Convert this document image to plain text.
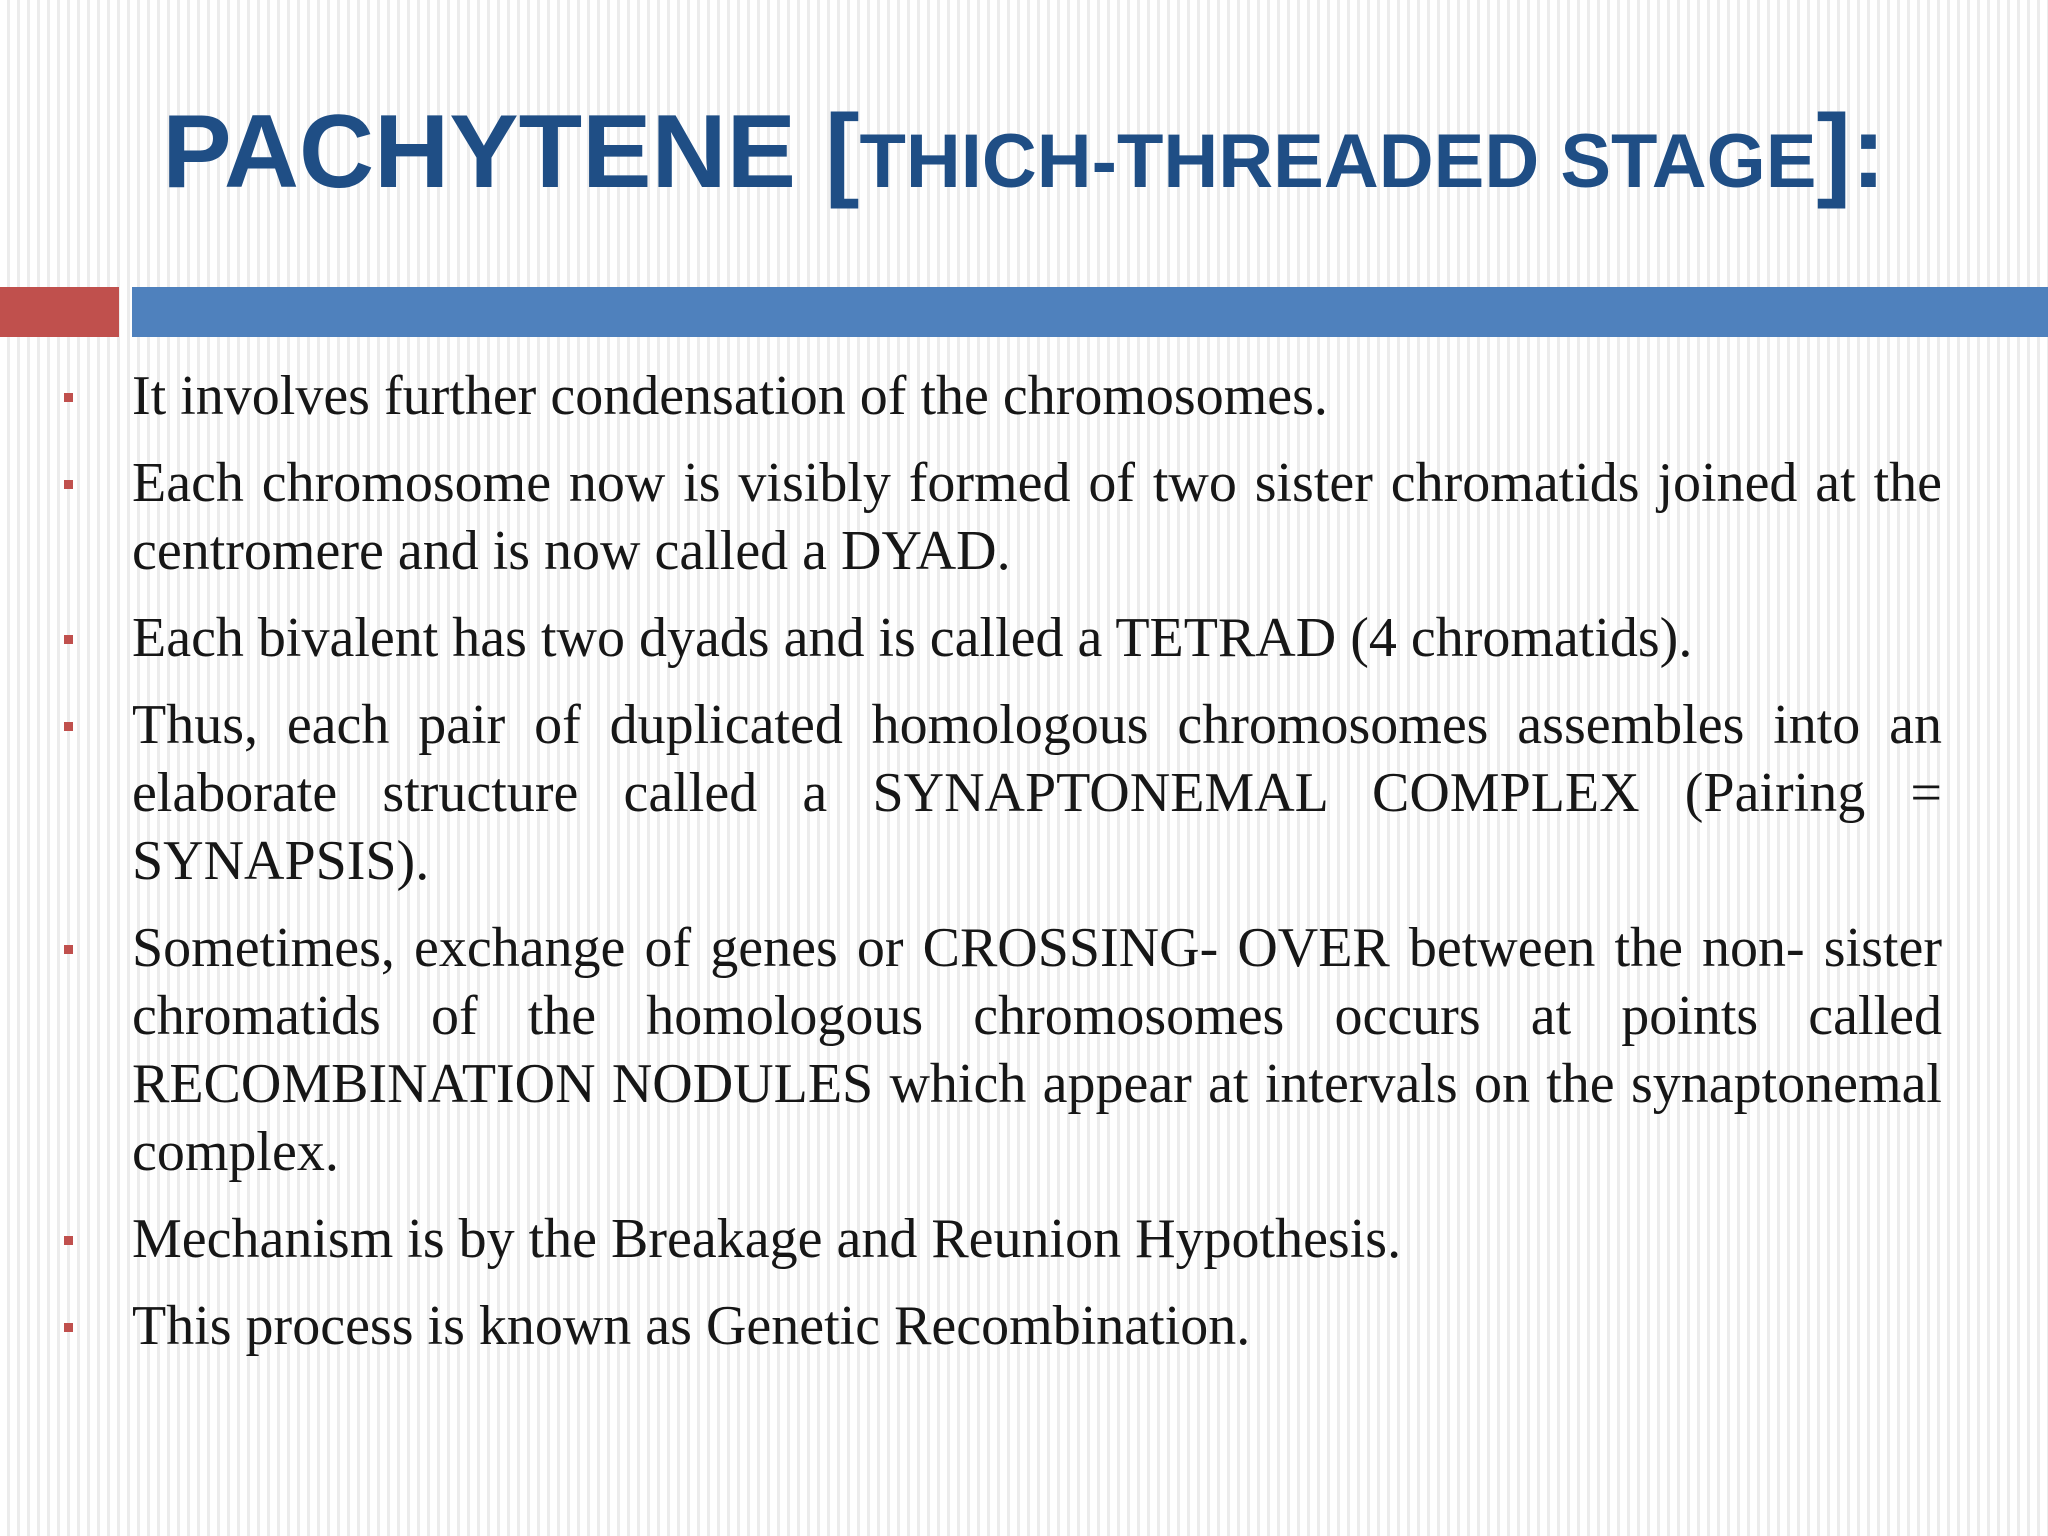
PACHYTENE [THICH-THREADED STAGE]:
It involves further condensation of the chromosomes.
Each chromosome now is visibly formed of two sister chromatids joined at the centromere and is now called a DYAD.
Each bivalent has two dyads and is called a TETRAD (4 chromatids).
Thus, each pair of duplicated homologous chromosomes assembles into an elaborate structure called a SYNAPTONEMAL COMPLEX (Pairing = SYNAPSIS).
Sometimes, exchange of genes or CROSSING- OVER between the non- sister chromatids of the homologous chromosomes occurs at points called RECOMBINATION NODULES which appear at intervals on the synaptonemal complex.
Mechanism is by the Breakage and Reunion Hypothesis.
This process is known as Genetic Recombination.
